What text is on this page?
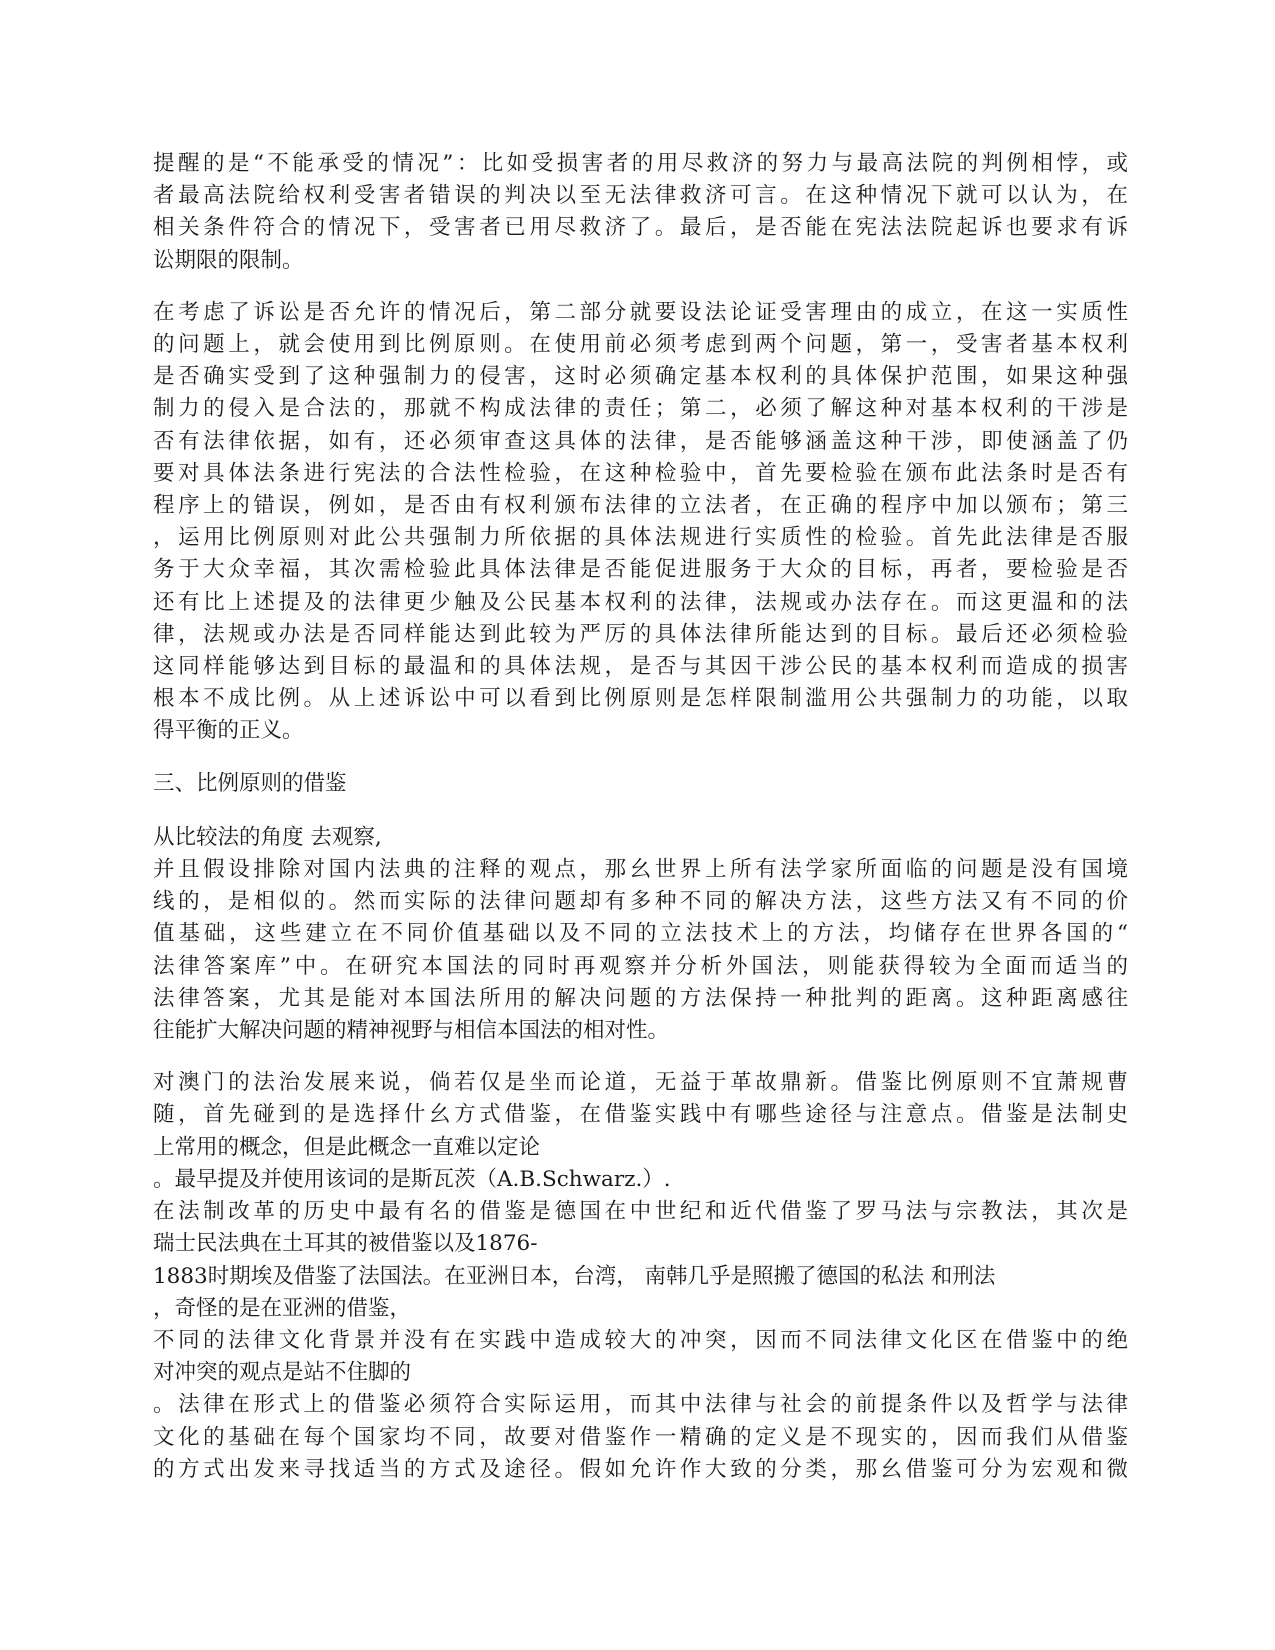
提醒的是“不能承受的情况”：比如受损害者的用尽救济的努力与最高法院的判例相悖，或
者最高法院给权利受害者错误的判决以至无法律救济可言。在这种情况下就可以认为，在
相关条件符合的情况下，受害者已用尽救济了。最后，是否能在宪法法院起诉也要求有诉
讼期限的限制。
在考虑了诉讼是否允许的情况后，第二部分就要设法论证受害理由的成立，在这一实质性
的问题上，就会使用到比例原则。在使用前必须考虑到两个问题，第一，受害者基本权利
是否确实受到了这种强制力的侵害，这时必须确定基本权利的具体保护范围，如果这种强
制力的侵入是合法的，那就不构成法律的责任；第二，必须了解这种对基本权利的干涉是
否有法律依据，如有，还必须审查这具体的法律，是否能够涵盖这种干涉，即使涵盖了仍
要对具体法条进行宪法的合法性检验，在这种检验中，首先要检验在颁布此法条时是否有
程序上的错误，例如，是否由有权利颁布法律的立法者，在正确的程序中加以颁布；第三
，运用比例原则对此公共强制力所依据的具体法规进行实质性的检验。首先此法律是否服
务于大众幸福，其次需检验此具体法律是否能促进服务于大众的目标，再者，要检验是否
还有比上述提及的法律更少触及公民基本权利的法律，法规或办法存在。而这更温和的法
律，法规或办法是否同样能达到此较为严厉的具体法律所能达到的目标。最后还必须检验
这同样能够达到目标的最温和的具体法规，是否与其因干涉公民的基本权利而造成的损害
根本不成比例。从上述诉讼中可以看到比例原则是怎样限制滥用公共强制力的功能，以取
得平衡的正义。
三、比例原则的借鉴
从比较法的角度 去观察,
并且假设排除对国内法典的注释的观点，那幺世界上所有法学家所面临的问题是没有国境
线的，是相似的。然而实际的法律问题却有多种不同的解决方法，这些方法又有不同的价
值基础，这些建立在不同价值基础以及不同的立法技术上的方法，均储存在世界各国的“
法律答案库”中。在研究本国法的同时再观察并分析外国法，则能获得较为全面而适当的
法律答案，尤其是能对本国法所用的解决问题的方法保持一种批判的距离。这种距离感往
往能扩大解决问题的精神视野与相信本国法的相对性。
对澳门的法治发展来说，倘若仅是坐而论道，无益于革故鼎新。借鉴比例原则不宜萧规曹
随，首先碰到的是选择什幺方式借鉴，在借鉴实践中有哪些途径与注意点。借鉴是法制史
上常用的概念，但是此概念一直难以定论
。最早提及并使用该词的是斯瓦茨（A.B.Schwarz.）.
在法制改革的历史中最有名的借鉴是德国在中世纪和近代借鉴了罗马法与宗教法，其次是
瑞士民法典在土耳其的被借鉴以及1876-
1883时期埃及借鉴了法国法。在亚洲日本，台湾， 南韩几乎是照搬了德国的私法 和刑法
，奇怪的是在亚洲的借鉴，
不同的法律文化背景并没有在实践中造成较大的冲突，因而不同法律文化区在借鉴中的绝
对冲突的观点是站不住脚的
。法律在形式上的借鉴必须符合实际运用，而其中法律与社会的前提条件以及哲学与法律
文化的基础在每个国家均不同，故要对借鉴作一精确的定义是不现实的，因而我们从借鉴
的方式出发来寻找适当的方式及途径。假如允许作大致的分类，那幺借鉴可分为宏观和微
